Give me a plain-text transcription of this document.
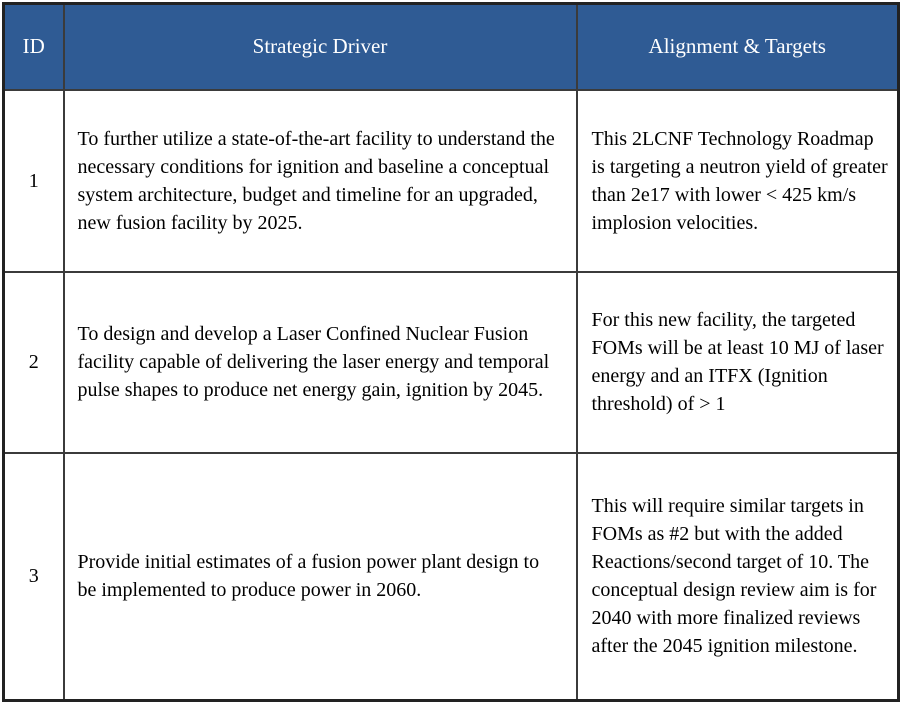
ID	Strategic Driver	Alignment & Targets
1	To further utilize a state-of-the-art facility to understand the necessary conditions for ignition and baseline a conceptual system architecture, budget and timeline for an upgraded, new fusion facility by 2025.	This 2LCNF Technology Roadmap is targeting a neutron yield of greater than 2e17 with lower < 425 km/s implosion velocities.
2	To design and develop a Laser Confined Nuclear Fusion facility capable of delivering the laser energy and temporal pulse shapes to produce net energy gain, ignition by 2045.	For this new facility, the targeted FOMs will be at least 10 MJ of laser energy and an ITFX (Ignition threshold) of > 1
3	Provide initial estimates of a fusion power plant design to be implemented to produce power in 2060.	This will require similar targets in FOMs as #2 but with the added Reactions/second target of 10. The conceptual design review aim is for 2040 with more finalized reviews after the 2045 ignition milestone.
